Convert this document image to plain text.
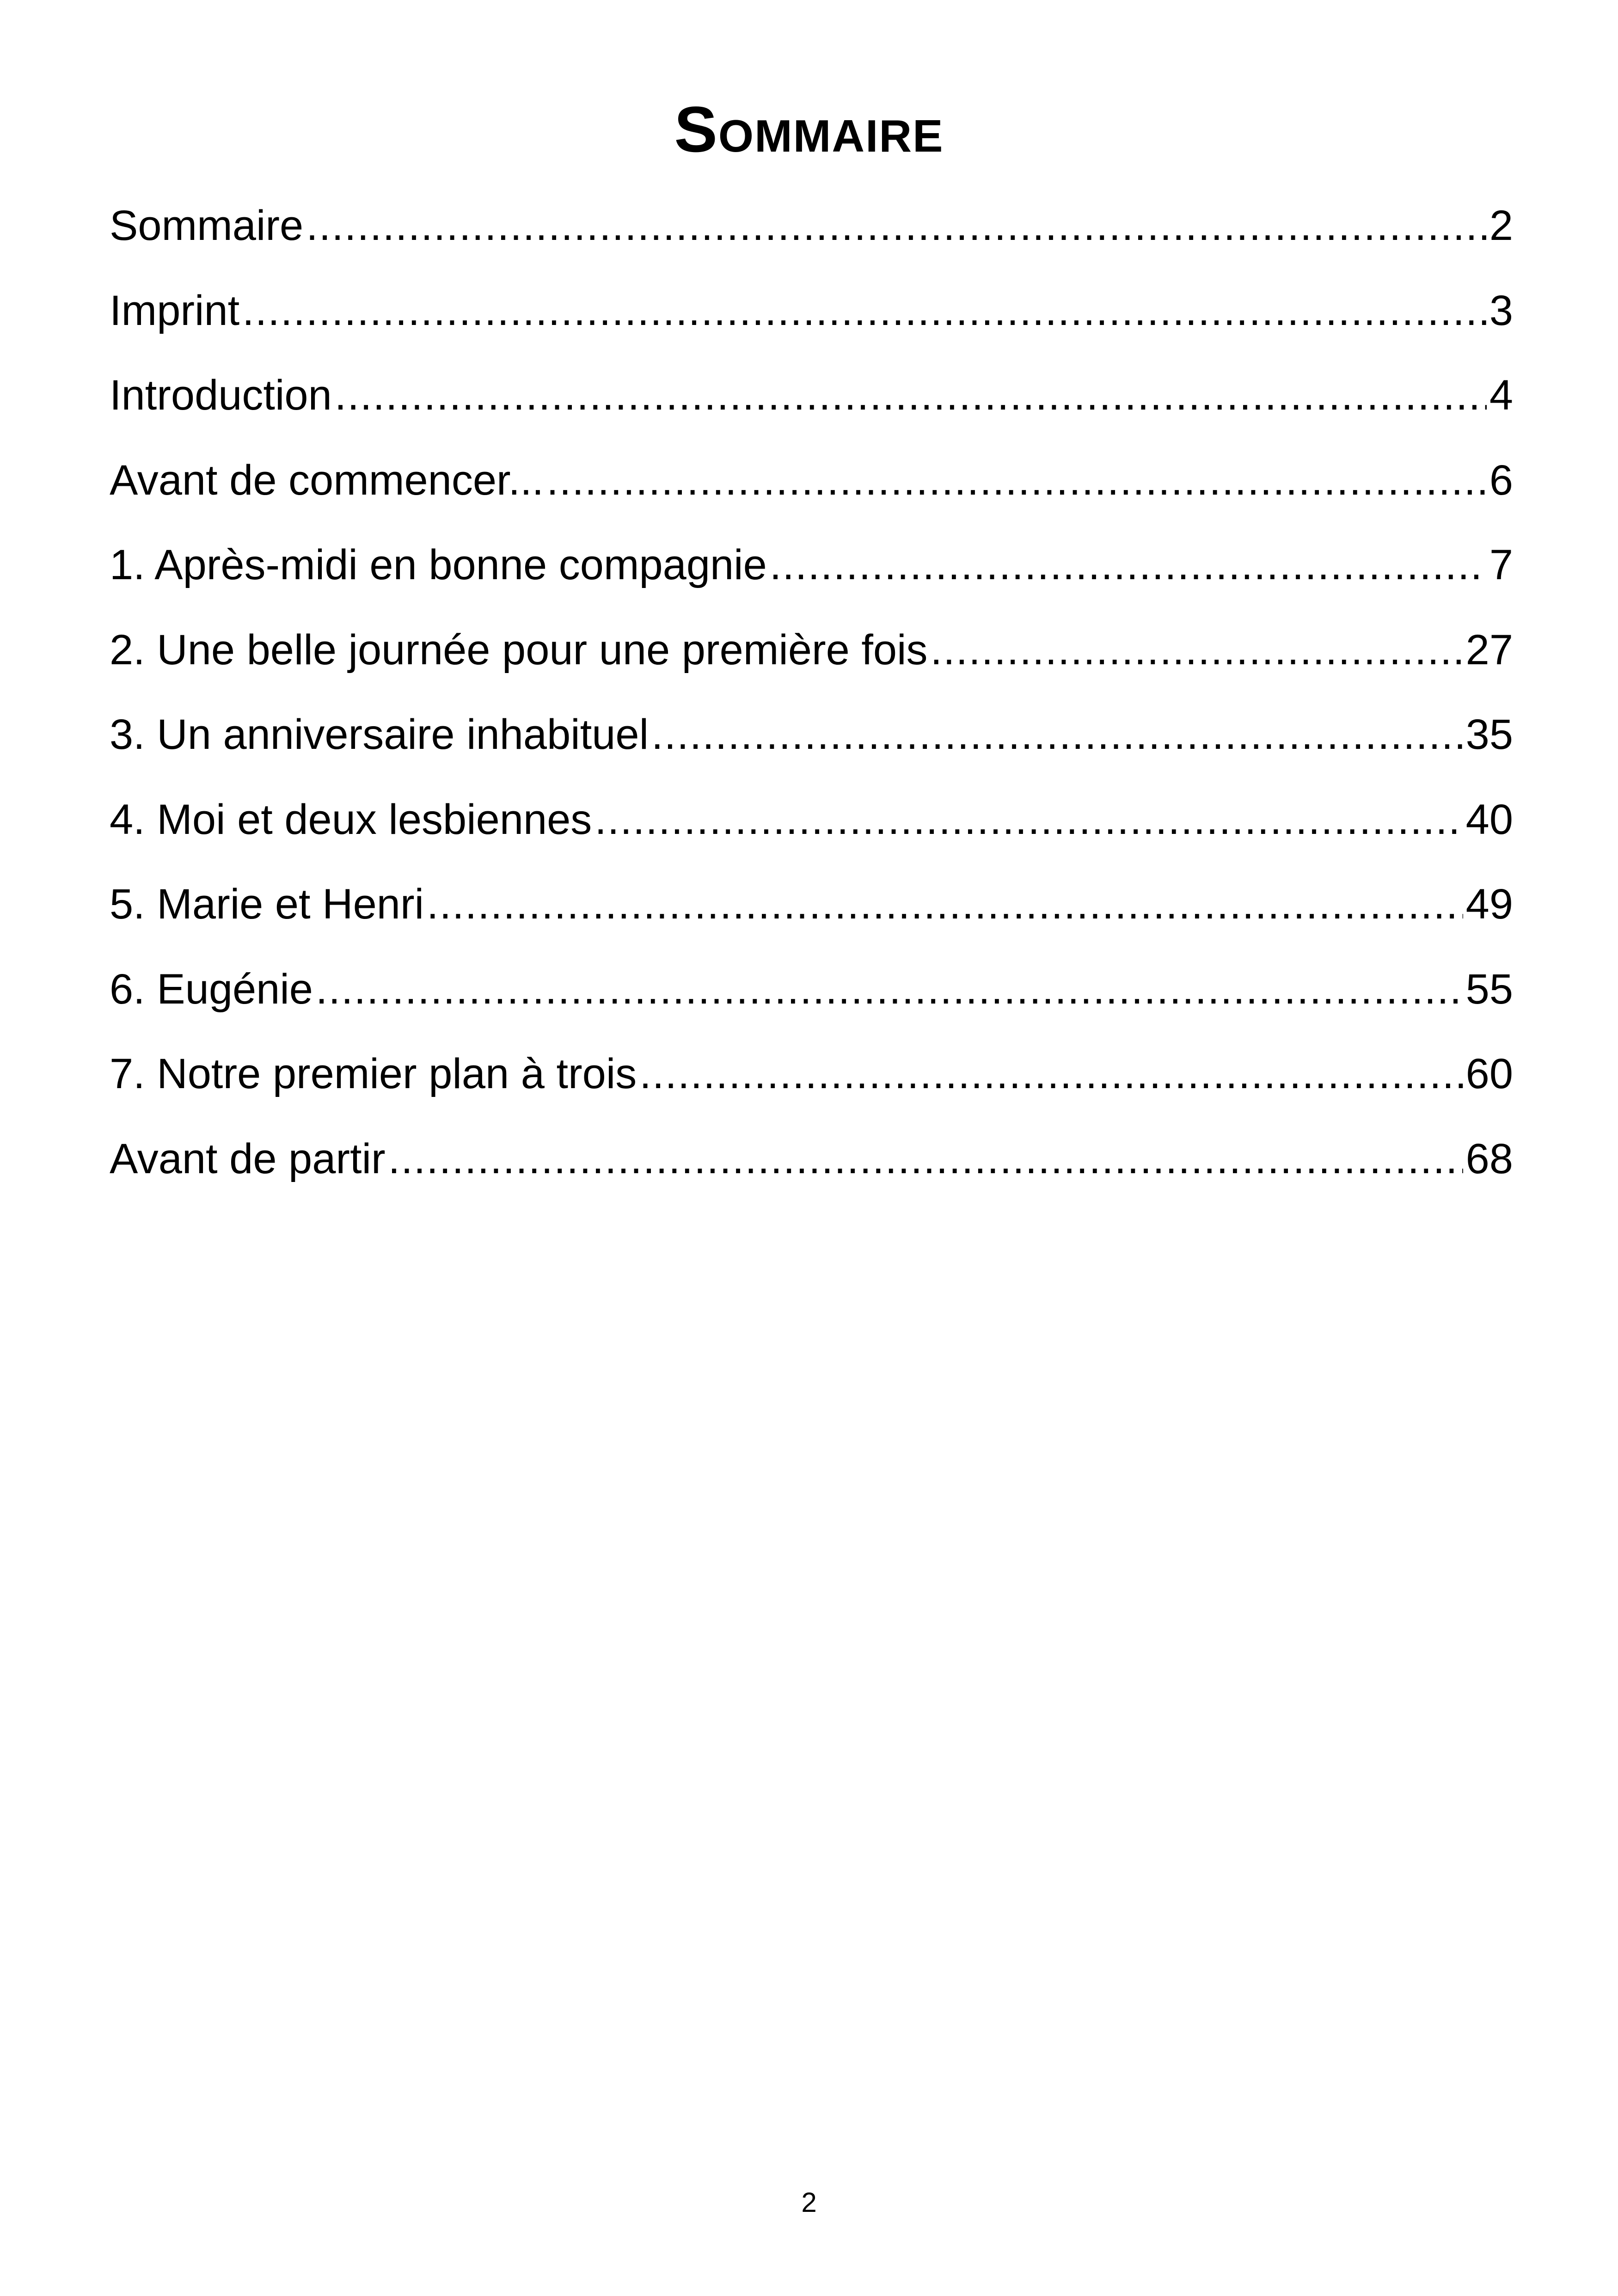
Sommaire
Sommaire .....	2
Imprint .....	3
Introduction .....	4
Avant de commencer... .....	6
1. Après-midi en bonne compagnie .....	7
2. Une belle journée pour une première fois .....	27
3. Un anniversaire inhabituel .....	35
4. Moi et deux lesbiennes .....	40
5. Marie et Henri .....	49
6. Eugénie .....	55
7. Notre premier plan à trois .....	60
Avant de partir .....	68
2
